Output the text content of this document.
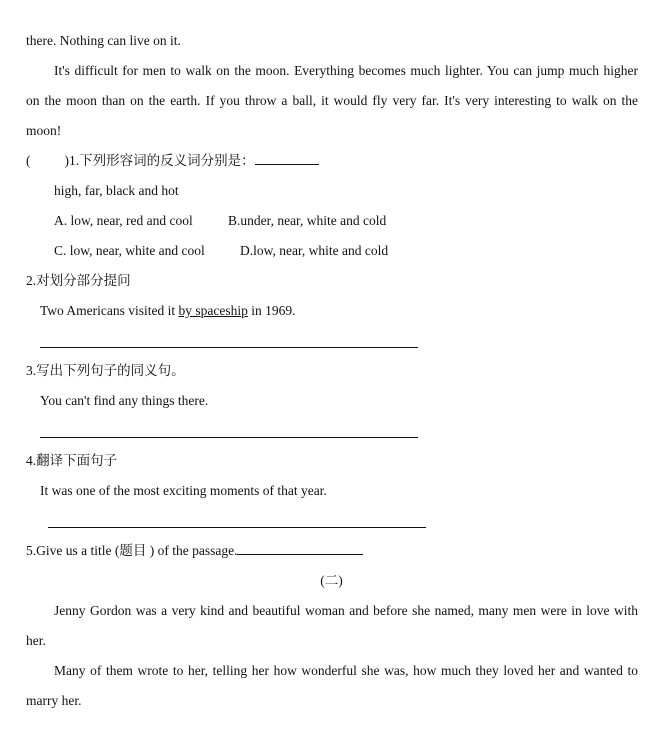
there. Nothing can live on it.
It's difficult for men to walk on the moon. Everything becomes much lighter. You can jump much higher
on the moon than on the earth. If you throw a ball, it would fly very far. It's very interesting to walk on the
moon!
(	)1.下列形容词的反义词分别是：
high, far, black and hot
A. low, near, red and cool	B.under, near, white and cold
C. low, near, white and cool	D.low, near, white and cold
2.对划分部分提问
Two Americans visited it by spaceship in 1969.
3.写出下列句子的同义句。
You can't find any things there.
4.翻译下面句子
It was one of the most exciting moments of that year.
5.Give us a title (题目 ) of the passage.
(二)
Jenny Gordon was a very kind and beautiful woman and before she named, many men were in love with
her.
Many of them wrote to her, telling her how wonderful she was, how much they loved her and wanted to
marry her.
